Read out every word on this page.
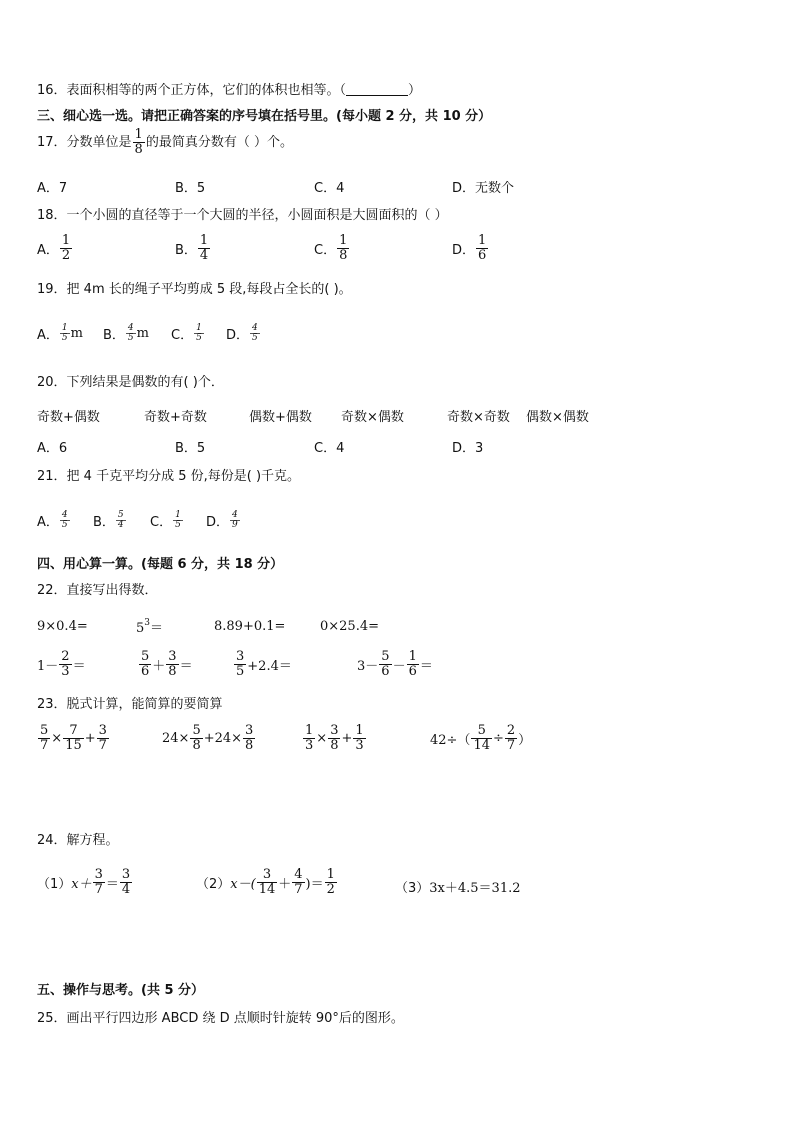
16．表面积相等的两个正方体，它们的体积也相等。（	）
三、细心选一选。请把正确答案的序号填在括号里。(每小题 2 分，共 10 分）
17．分数单位是 $\frac{1}{8}$ 的最简真分数有（ ）个。
A．7	B．5	C．4	D．无数个
18．一个小圆的直径等于一个大圆的半径，小圆面积是大圆面积的（ ）
A． $\frac{1}{2}$	B． $\frac{1}{4}$	C． $\frac{1}{8}$	D． $\frac{1}{6}$
19．把 4m 长的绳子平均剪成 5 段,每段占全长的( )。
A． $\frac{1}{5}$ m B． $\frac{4}{5}$ m C． $\frac{1}{5}$ D． $\frac{4}{5}$
20．下列结果是偶数的有( )个．
奇数+偶数	奇数+奇数	偶数+偶数 奇数×偶数	奇数×奇数 偶数×偶数
A．6	B．5	C．4	D．3
21．把 4 千克平均分成 5 份,每份是( )千克。
A． $\frac{4}{5}$ B． $\frac{5}{4}$ C． $\frac{1}{5}$ D． $\frac{4}{9}$
四、用心算一算。(每题 6 分，共 18 分）
22．直接写出得数．
9×0.4=	$5^3=$	8.89+0.1=	0×25.4=
$1- \frac{2}{3}$ ＝	$\frac{5}{6} + \frac{3}{8}$ ＝	$\frac{3}{5} +2.4=$	$3- \frac{5}{6} - \frac{1}{6}$ ＝
23．脱式计算，能简算的要简算
$\frac{5}{7} \times \frac{7}{15} + \frac{3}{7}$	$24\times \frac{5}{8} +24\times \frac{3}{8}$	$\frac{1}{3} \times \frac{3}{8} + \frac{1}{3}$	$42\div( \frac{5}{14} \div \frac{2}{7}$ ）
24．解方程。
（1） $x+ \frac{3}{7} = \frac{3}{4}$	（2） $x-( \frac{3}{14} + \frac{4}{7}$ )＝ $\frac{1}{2}$	（3） 3x＋4.5＝31.2
五、操作与思考。(共 5 分）
25．画出平行四边形 ABCD 绕 D 点顺时针旋转 90°后的图形。
